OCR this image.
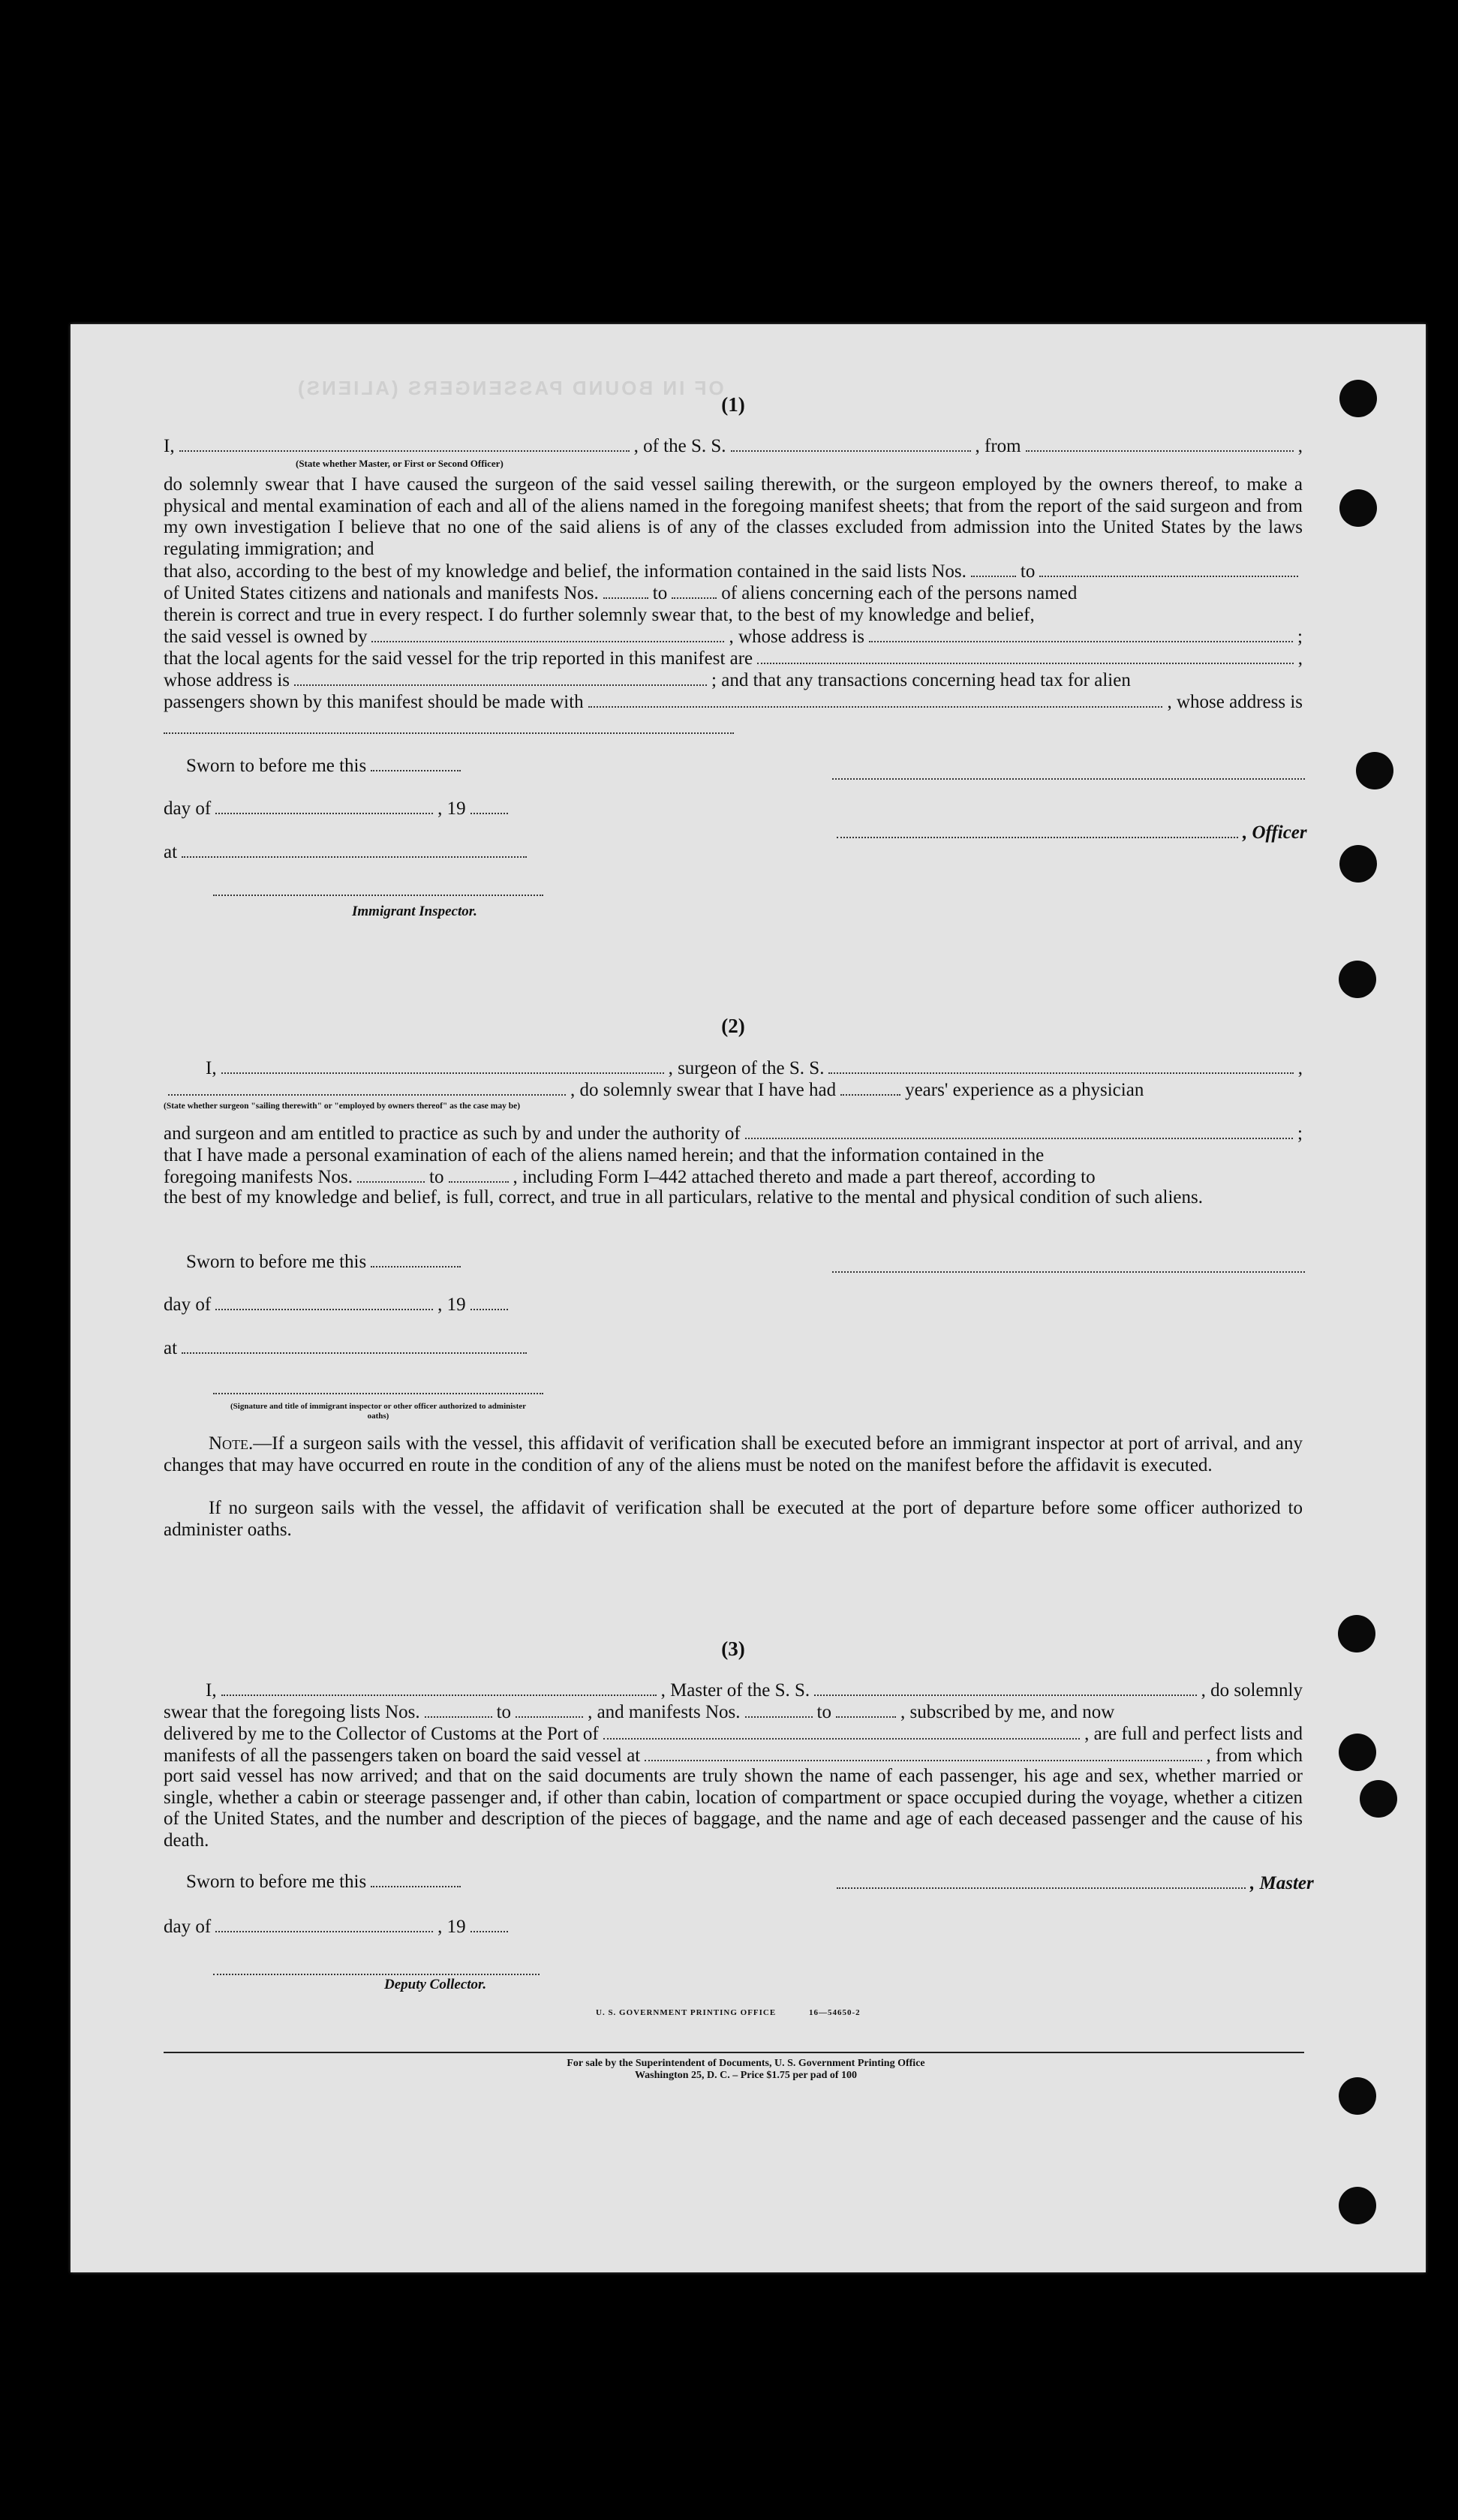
OF IN BOUND PASSENGERS (ALIENS)
(1)
I,	, of the S. S.	, from	,
(State whether Master, or First or Second Officer)
do solemnly swear that I have caused the surgeon of the said vessel sailing therewith, or the surgeon employed by the owners thereof, to make a physical and mental examination of each and all of the aliens named in the foregoing manifest sheets; that from the report of the said surgeon and from my own investigation I believe that no one of the said aliens is of any of the classes excluded from admission into the United States by the laws regulating immigration; and
that also, according to the best of my knowledge and belief, the information contained in the said lists Nos.	to
of United States citizens and nationals and manifests Nos.	to	of aliens concerning each of the persons named
therein is correct and true in every respect. I do further solemnly swear that, to the best of my knowledge and belief,
the said vessel is owned by	, whose address is	;
that the local agents for the said vessel for the trip reported in this manifest are	,
whose address is	; and that any transactions concerning head tax for alien
passengers shown by this manifest should be made with	, whose address is
Sworn to before me this
day of	, 19
, Officer
at
Immigrant Inspector.
(2)
I,	, surgeon of the S. S.	,
, do solemnly swear that I have had	years' experience as a physician
(State whether surgeon "sailing therewith" or "employed by owners thereof" as the case may be)
and surgeon and am entitled to practice as such by and under the authority of	;
that I have made a personal examination of each of the aliens named herein; and that the information contained in the
foregoing manifests Nos.	to	, including Form I–442 attached thereto and made a part thereof, according to
the best of my knowledge and belief, is full, correct, and true in all particulars, relative to the mental and physical condition of such aliens.
Sworn to before me this
day of	, 19
at
(Signature and title of immigrant inspector or other officer authorized to administer oaths)
Note.—If a surgeon sails with the vessel, this affidavit of verification shall be executed before an immigrant inspector at port of arrival, and any changes that may have occurred en route in the condition of any of the aliens must be noted on the manifest before the affidavit is executed.
If no surgeon sails with the vessel, the affidavit of verification shall be executed at the port of departure before some officer authorized to administer oaths.
(3)
I,	, Master of the S. S.	, do solemnly
swear that the foregoing lists Nos.	to	, and manifests Nos.	to	, subscribed by me, and now
delivered by me to the Collector of Customs at the Port of	, are full and perfect lists and
manifests of all the passengers taken on board the said vessel at	, from which
port said vessel has now arrived; and that on the said documents are truly shown the name of each passenger, his age and sex, whether married or single, whether a cabin or steerage passenger and, if other than cabin, location of compartment or space occupied during the voyage, whether a citizen of the United States, and the number and description of the pieces of baggage, and the name and age of each deceased passenger and the cause of his death.
Sworn to before me this	, Master
day of	, 19
Deputy Collector.
U. S. GOVERNMENT PRINTING OFFICE	16—54650-2
For sale by the Superintendent of Documents, U. S. Government Printing Office
Washington 25, D. C. – Price $1.75 per pad of 100
